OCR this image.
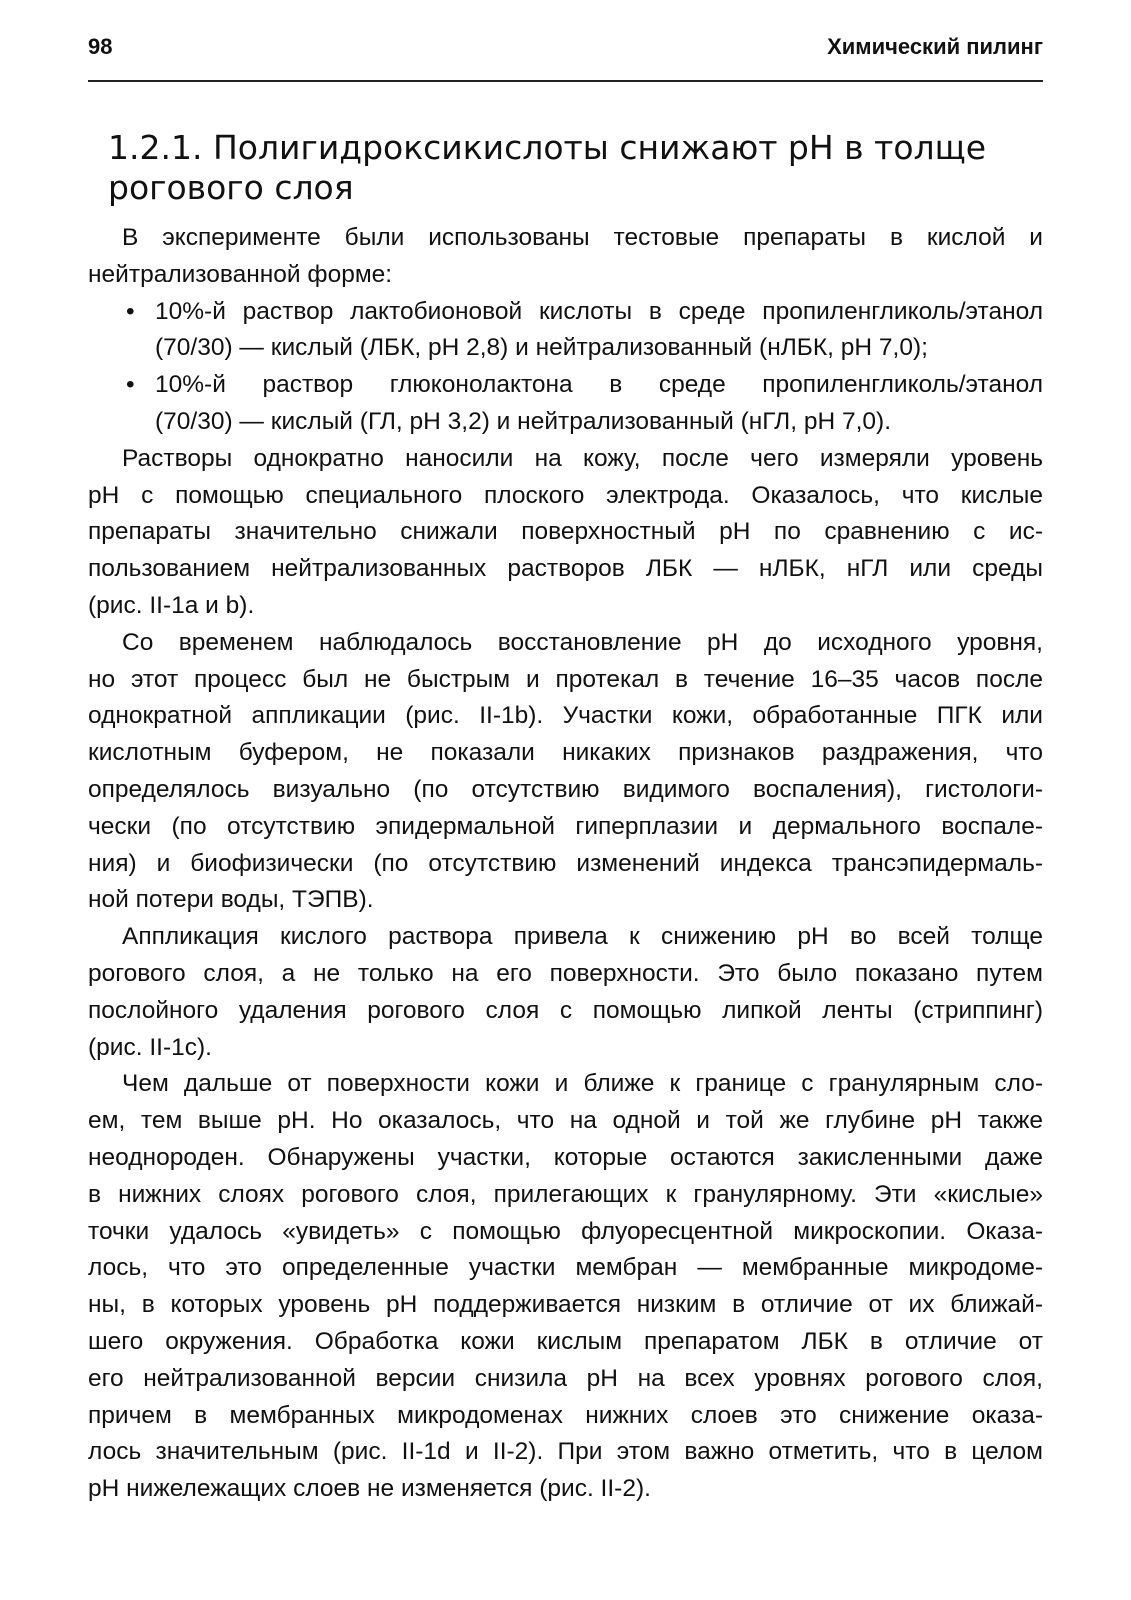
98	Химический пилинг
1.2.1. Полигидроксикислоты снижают рН в толще
рогового слоя

В эксперименте были использованы тестовые препараты в кислой и
нейтрализованной форме:

• 10%-й раствор лактобионовой кислоты в среде пропиленгликоль/этанол
(70/30) — кислый (ЛБК, рН 2,8) и нейтрализованный (нЛБК, рН 7,0);
• 10%-й раствор глюконолактона в среде пропиленгликоль/этанол
(70/30) — кислый (ГЛ, рН 3,2) и нейтрализованный (нГЛ, рН 7,0).

Растворы однократно наносили на кожу, после чего измеряли уровень
рН с помощью специального плоского электрода. Оказалось, что кислые
препараты значительно снижали поверхностный рН по сравнению с ис-
пользованием нейтрализованных растворов ЛБК — нЛБК, нГЛ или среды
(рис. II-1a и b).

Со временем наблюдалось восстановление рН до исходного уровня,
но этот процесс был не быстрым и протекал в течение 16–35 часов после
однократной аппликации (рис. II-1b). Участки кожи, обработанные ПГК или
кислотным буфером, не показали никаких признаков раздражения, что
определялось визуально (по отсутствию видимого воспаления), гистологи-
чески (по отсутствию эпидермальной гиперплазии и дермального воспале-
ния) и биофизически (по отсутствию изменений индекса трансэпидермаль-
ной потери воды, ТЭПВ).

Аппликация кислого раствора привела к снижению рН во всей толще
рогового слоя, а не только на его поверхности. Это было показано путем
послойного удаления рогового слоя с помощью липкой ленты (стриппинг)
(рис. II-1c).

Чем дальше от поверхности кожи и ближе к границе с гранулярным сло-
ем, тем выше рН. Но оказалось, что на одной и той же глубине рН также
неоднороден. Обнаружены участки, которые остаются закисленными даже
в нижних слоях рогового слоя, прилегающих к гранулярному. Эти «кислые»
точки удалось «увидеть» с помощью флуоресцентной микроскопии. Оказа-
лось, что это определенные участки мембран — мембранные микродоме-
ны, в которых уровень рН поддерживается низким в отличие от их ближай-
шего окружения. Обработка кожи кислым препаратом ЛБК в отличие от
его нейтрализованной версии снизила рН на всех уровнях рогового слоя,
причем в мембранных микродоменах нижних слоев это снижение оказа-
лось значительным (рис. II-1d и II-2). При этом важно отметить, что в целом
рН нижележащих слоев не изменяется (рис. II-2).
